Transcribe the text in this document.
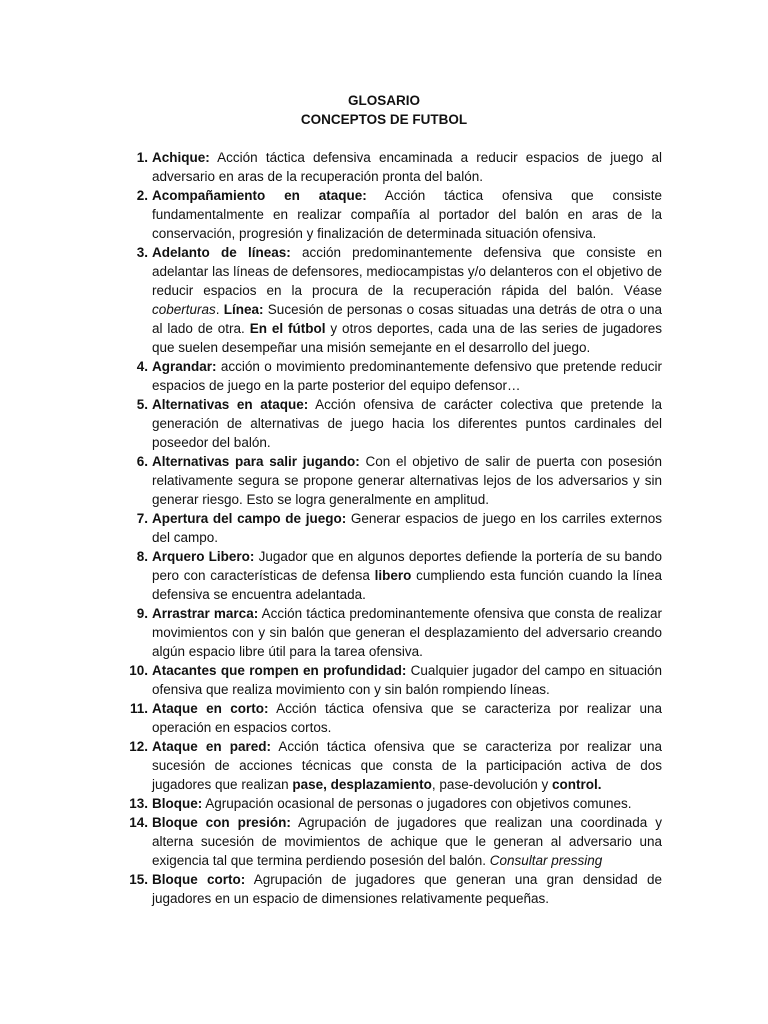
GLOSARIO
CONCEPTOS DE FUTBOL
1. Achique: Acción táctica defensiva encaminada a reducir espacios de juego al adversario en aras de la recuperación pronta del balón.
2. Acompañamiento en ataque: Acción táctica ofensiva que consiste fundamentalmente en realizar compañía al portador del balón en aras de la conservación, progresión y finalización de determinada situación ofensiva.
3. Adelanto de líneas: acción predominantemente defensiva que consiste en adelantar las líneas de defensores, mediocampistas y/o delanteros con el objetivo de reducir espacios en la procura de la recuperación rápida del balón. Véase coberturas. Línea: Sucesión de personas o cosas situadas una detrás de otra o una al lado de otra. En el fútbol y otros deportes, cada una de las series de jugadores que suelen desempeñar una misión semejante en el desarrollo del juego.
4. Agrandar: acción o movimiento predominantemente defensivo que pretende reducir espacios de juego en la parte posterior del equipo defensor…
5. Alternativas en ataque: Acción ofensiva de carácter colectiva que pretende la generación de alternativas de juego hacia los diferentes puntos cardinales del poseedor del balón.
6. Alternativas para salir jugando: Con el objetivo de salir de puerta con posesión relativamente segura se propone generar alternativas lejos de los adversarios y sin generar riesgo. Esto se logra generalmente en amplitud.
7. Apertura del campo de juego: Generar espacios de juego en los carriles externos del campo.
8. Arquero Libero: Jugador que en algunos deportes defiende la portería de su bando pero con características de defensa libero cumpliendo esta función cuando la línea defensiva se encuentra adelantada.
9. Arrastrar marca: Acción táctica predominantemente ofensiva que consta de realizar movimientos con y sin balón que generan el desplazamiento del adversario creando algún espacio libre útil para la tarea ofensiva.
10. Atacantes que rompen en profundidad: Cualquier jugador del campo en situación ofensiva que realiza movimiento con y sin balón rompiendo líneas.
11. Ataque en corto: Acción táctica ofensiva que se caracteriza por realizar una operación en espacios cortos.
12. Ataque en pared: Acción táctica ofensiva que se caracteriza por realizar una sucesión de acciones técnicas que consta de la participación activa de dos jugadores que realizan pase, desplazamiento, pase-devolución y control.
13. Bloque: Agrupación ocasional de personas o jugadores con objetivos comunes.
14. Bloque con presión: Agrupación de jugadores que realizan una coordinada y alterna sucesión de movimientos de achique que le generan al adversario una exigencia tal que termina perdiendo posesión del balón. Consultar pressing
15. Bloque corto: Agrupación de jugadores que generan una gran densidad de jugadores en un espacio de dimensiones relativamente pequeñas.
